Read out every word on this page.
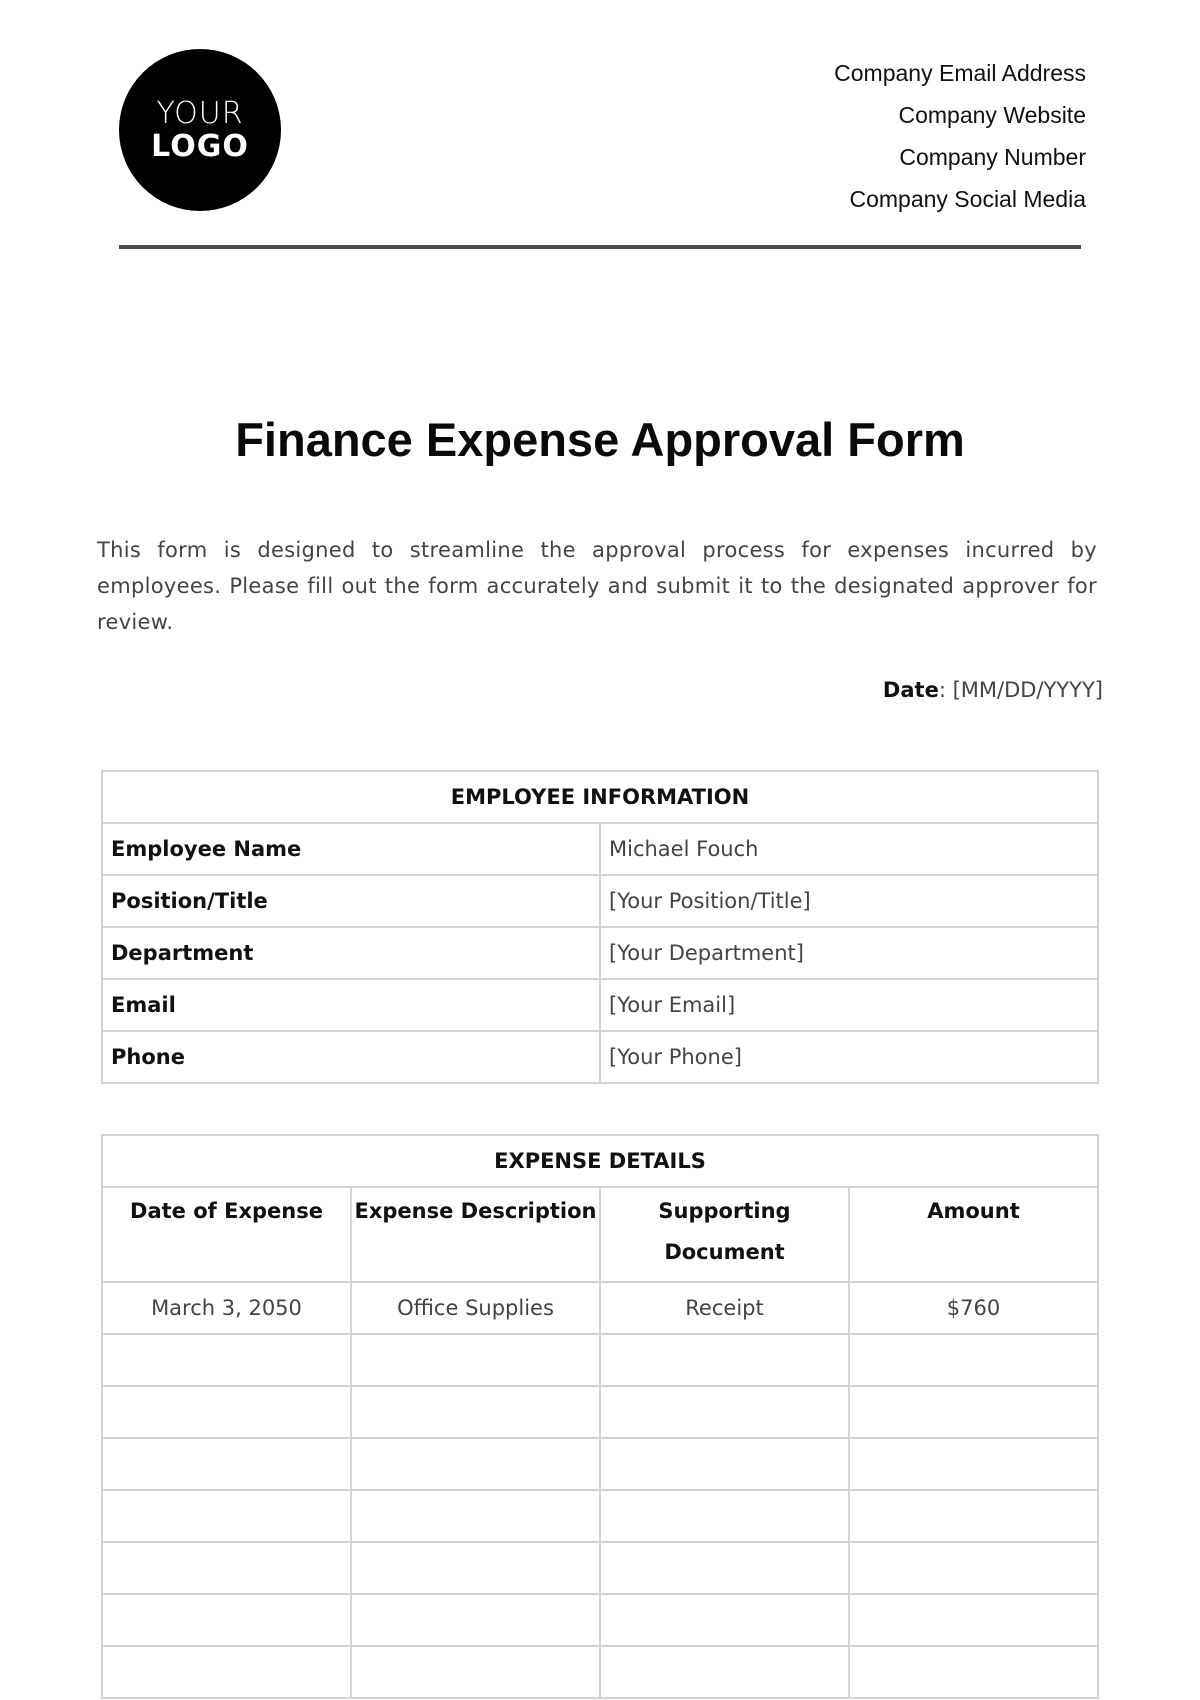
YOUR
LOGO
Company Email Address
Company Website
Company Number
Company Social Media
Finance Expense Approval Form
This form is designed to streamline the approval process for expenses incurred by employees. Please fill out the form accurately and submit it to the designated approver for review.
Date: [MM/DD/YYYY]
EMPLOYEE INFORMATION	
Employee Name	Michael Fouch
Position/Title	[Your Position/Title]
Department	[Your Department]
Email	[Your Email]
Phone	[Your Phone]
EXPENSE DETAILS			
Date of Expense	Expense Description	Supporting Document	Amount
March 3, 2050	Office Supplies	Receipt	$760
